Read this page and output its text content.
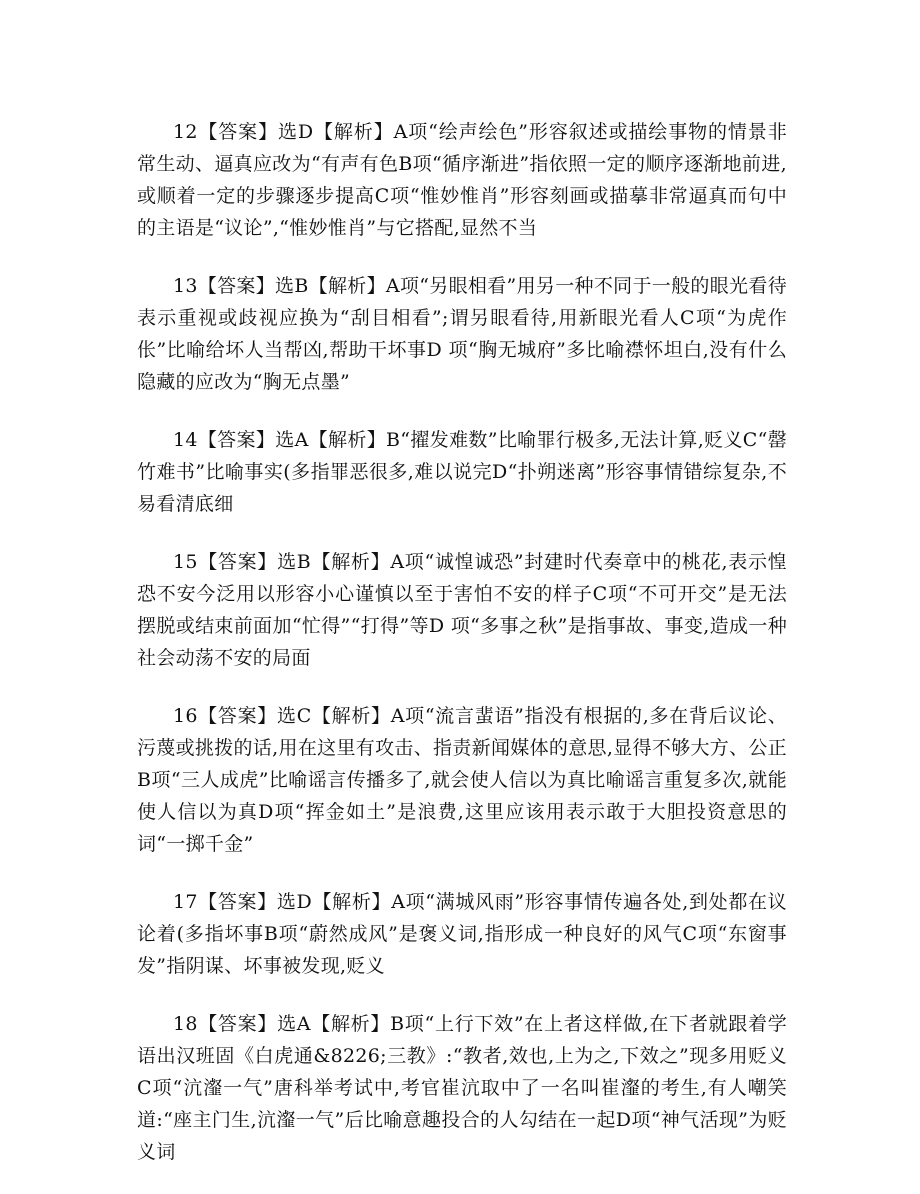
12【答案】选D【解析】A项“绘声绘色”形容叙述或描绘事物的情景非常生动、逼真应改为“有声有色B项“循序渐进”指依照一定的顺序逐渐地前进,或顺着一定的步骤逐步提高C项“惟妙惟肖”形容刻画或描摹非常逼真而句中的主语是“议论”,“惟妙惟肖”与它搭配,显然不当

13【答案】选B【解析】A项“另眼相看”用另一种不同于一般的眼光看待表示重视或歧视应换为“刮目相看”;谓另眼看待,用新眼光看人C项“为虎作伥”比喻给坏人当帮凶,帮助干坏事D 项“胸无城府”多比喻襟怀坦白,没有什么隐藏的应改为“胸无点墨”

14【答案】选A【解析】B“擢发难数”比喻罪行极多,无法计算,贬义C“罄竹难书”比喻事实(多指罪恶很多,难以说完D“扑朔迷离”形容事情错综复杂,不易看清底细

15【答案】选B【解析】A项“诚惶诚恐”封建时代奏章中的桃花,表示惶恐不安今泛用以形容小心谨慎以至于害怕不安的样子C项“不可开交”是无法摆脱或结束前面加“忙得”“打得”等D 项“多事之秋”是指事故、事变,造成一种社会动荡不安的局面

16【答案】选C【解析】A项“流言蜚语”指没有根据的,多在背后议论、污蔑或挑拨的话,用在这里有攻击、指责新闻媒体的意思,显得不够大方、公正B项“三人成虎”比喻谣言传播多了,就会使人信以为真比喻谣言重复多次,就能使人信以为真D项“挥金如土”是浪费,这里应该用表示敢于大胆投资意思的词“一掷千金”

17【答案】选D【解析】A项“满城风雨”形容事情传遍各处,到处都在议论着(多指坏事B项“蔚然成风”是褒义词,指形成一种良好的风气C项“东窗事发”指阴谋、坏事被发现,贬义

18【答案】选A【解析】B项“上行下效”在上者这样做,在下者就跟着学语出汉班固《白虎通&8226;三教》:“教者,效也,上为之,下效之”现多用贬义C项“沆瀣一气”唐科举考试中,考官崔沆取中了一名叫崔瀣的考生,有人嘲笑道:“座主门生,沆瀣一气”后比喻意趣投合的人勾结在一起D项“神气活现”为贬义词
